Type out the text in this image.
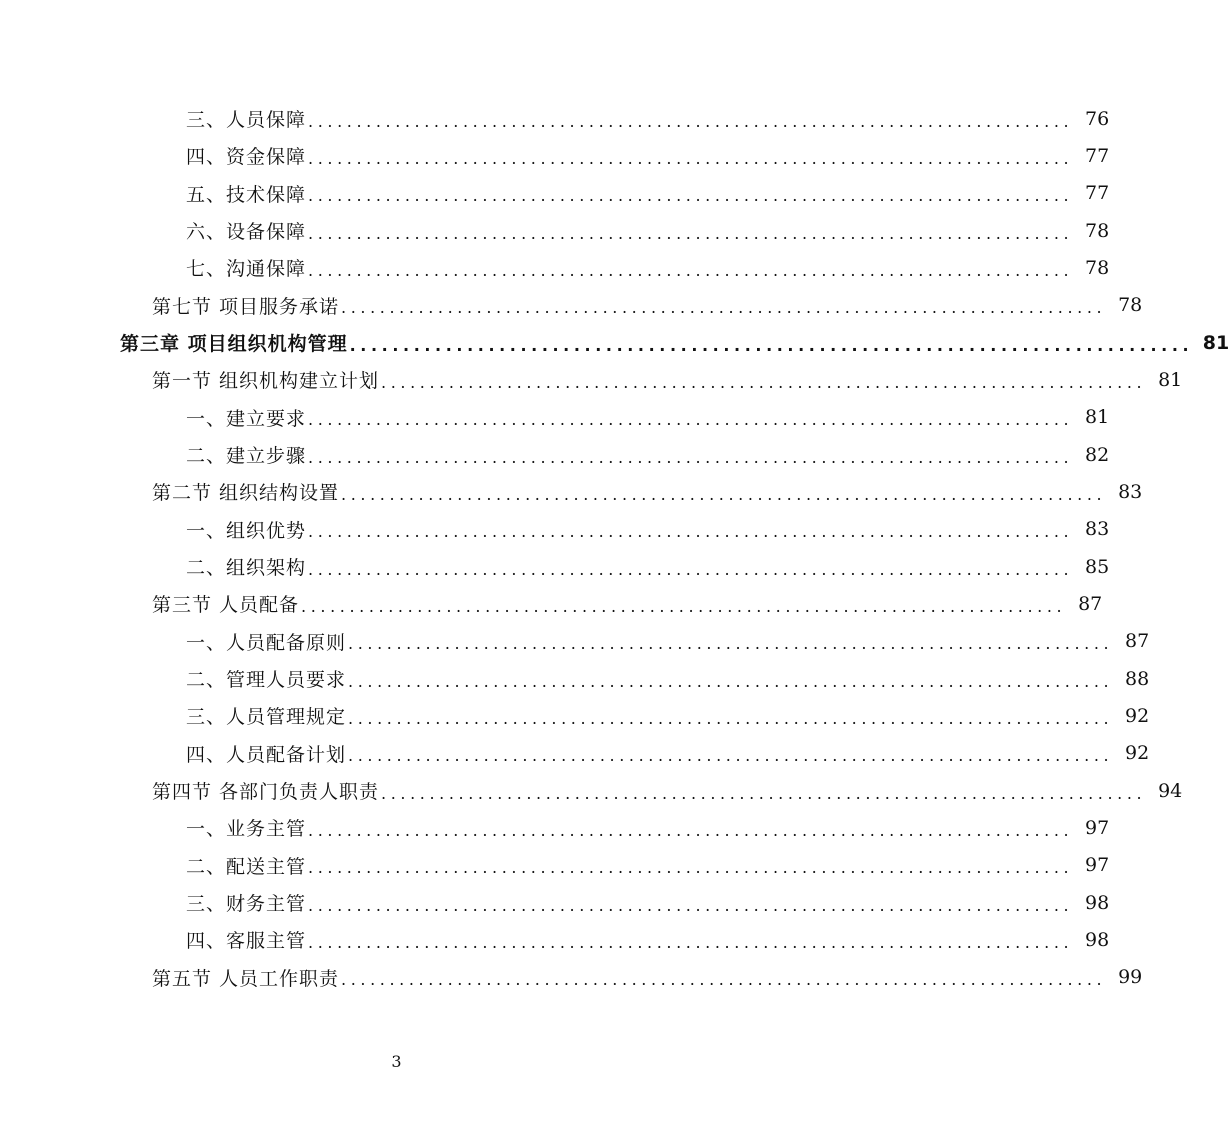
三、人员保障 ............................................................................... 76
四、资金保障 ............................................................................... 77
五、技术保障 ............................................................................... 77
六、设备保障 ............................................................................... 78
七、沟通保障 ............................................................................... 78
第七节 项目服务承诺 ............................................................................... 78
第三章 项目组织机构管理 ............................................................................... 81
第一节 组织机构建立计划 ............................................................................... 81
一、建立要求 ............................................................................... 81
二、建立步骤 ............................................................................... 82
第二节 组织结构设置 ............................................................................... 83
一、组织优势 ............................................................................... 83
二、组织架构 ............................................................................... 85
第三节 人员配备 ............................................................................... 87
一、人员配备原则 ............................................................................... 87
二、管理人员要求 ............................................................................... 88
三、人员管理规定 ............................................................................... 92
四、人员配备计划 ............................................................................... 92
第四节 各部门负责人职责 ............................................................................... 94
一、业务主管 ............................................................................... 97
二、配送主管 ............................................................................... 97
三、财务主管 ............................................................................... 98
四、客服主管 ............................................................................... 98
第五节 人员工作职责 ............................................................................... 99
3
